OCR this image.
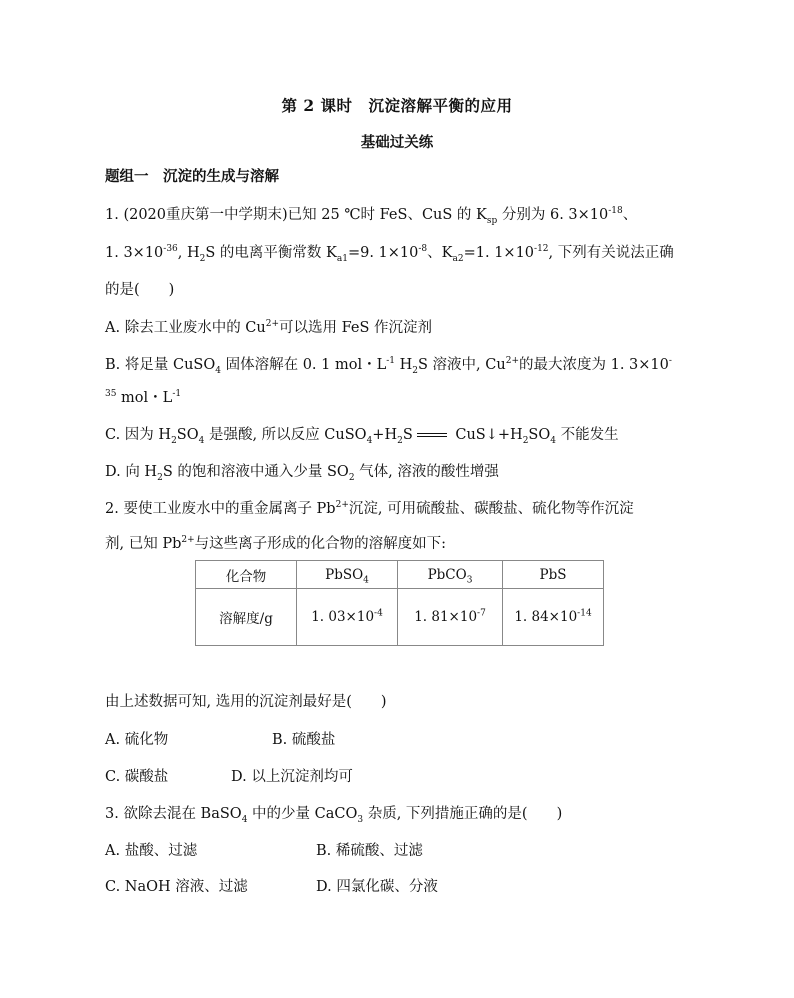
第 2 课时　沉淀溶解平衡的应用
基础过关练
题组一　沉淀的生成与溶解
1. (2020重庆第一中学期末)已知 25 ℃时 FeS、CuS 的 $K_{sp}$ 分别为 6. $3\times 10^{-18}$、
1. $3\times 10^{-36}$, $H_2S$ 的电离平衡常数 $K_{a1}=9$. $1\times 10^{-8}$、$K_{a2}=1$. $1\times 10^{-12}$, 下列有关说法正确
的是(　　)
A. 除去工业废水中的 $Cu^{2+}$可以选用 FeS 作沉淀剂
B. 将足量 CuSO$_4$ 固体溶解在 0. 1 mol・$L^{-1}$ $H_2S$ 溶液中, $Cu^{2+}$的最大浓度为 1. 3×10-
$^{35}$ mol・$L^{-1}$
C. 因为 $H_2SO_4$ 是强酸, 所以反应 $CuSO_4+H_2S$	$CuS↓+H_2SO_4$ 不能发生
D. 向 $H_2S$ 的饱和溶液中通入少量 $SO_2$ 气体, 溶液的酸性增强
2. 要使工业废水中的重金属离子 $Pb^{2+}$沉淀, 可用硫酸盐、碳酸盐、硫化物等作沉淀
剂, 已知 $Pb^{2+}$与这些离子形成的化合物的溶解度如下:
化合物	PbSO$_4$	PbCO$_3$	PbS
溶解度/g	1. $03\times 10^{-4}$	1. $81\times 10^{-7}$	1. $84\times 10^{-14}$
由上述数据可知, 选用的沉淀剂最好是(　　)
A. 硫化物	B. 硫酸盐
C. 碳酸盐	D. 以上沉淀剂均可
3. 欲除去混在 BaSO$_4$ 中的少量 CaCO$_3$ 杂质, 下列措施正确的是(　　)
A. 盐酸、过滤	B. 稀硫酸、过滤
C. NaOH 溶液、过滤	D. 四氯化碳、分液
